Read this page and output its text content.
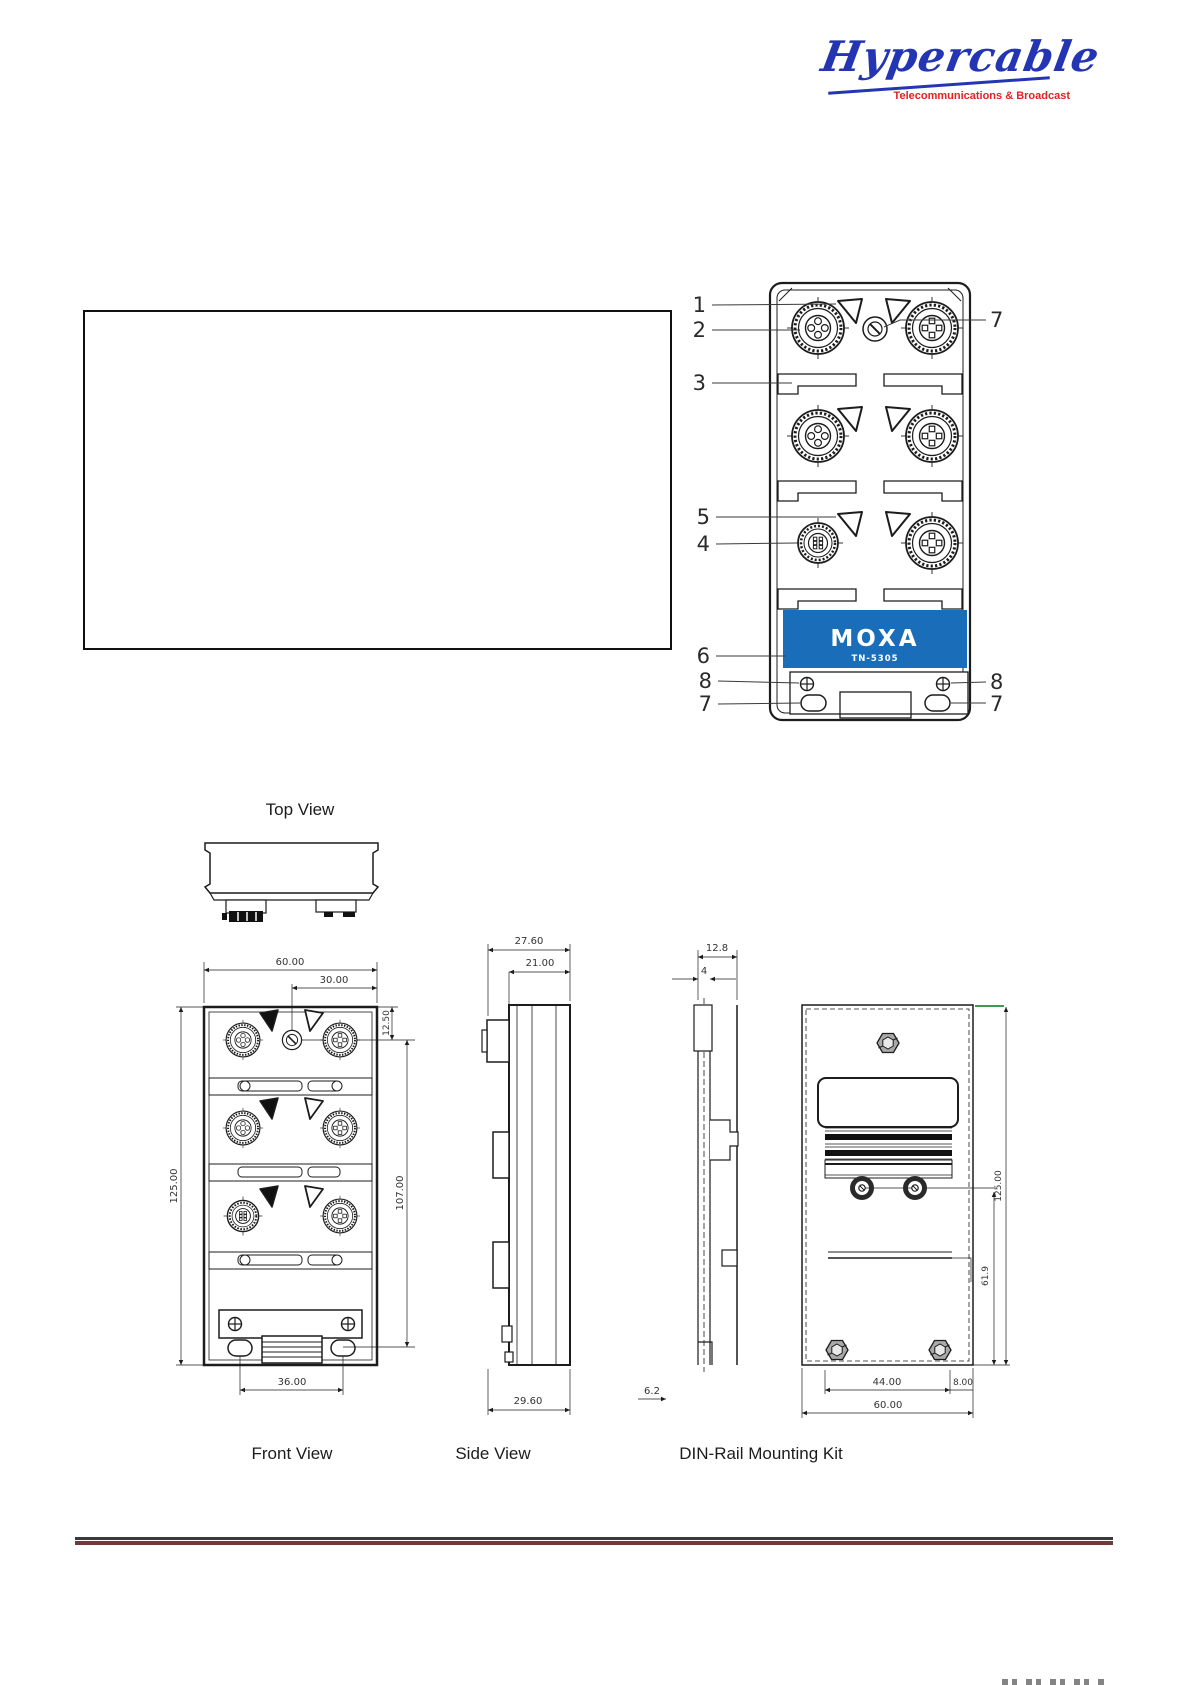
Hypercable
Telecommunications & Broadcast
MOXA
TN-5305
1
2
3
5
4
6
8
7
7
8
7
60.00
30.00
12.50
125.00	107.00
36.00
27.60
21.00
29.60
12.8
4
6.2
44.00	8.00
60.00
61.9
125.00
Top View
Front View	Side View	DIN-Rail Mounting Kit
